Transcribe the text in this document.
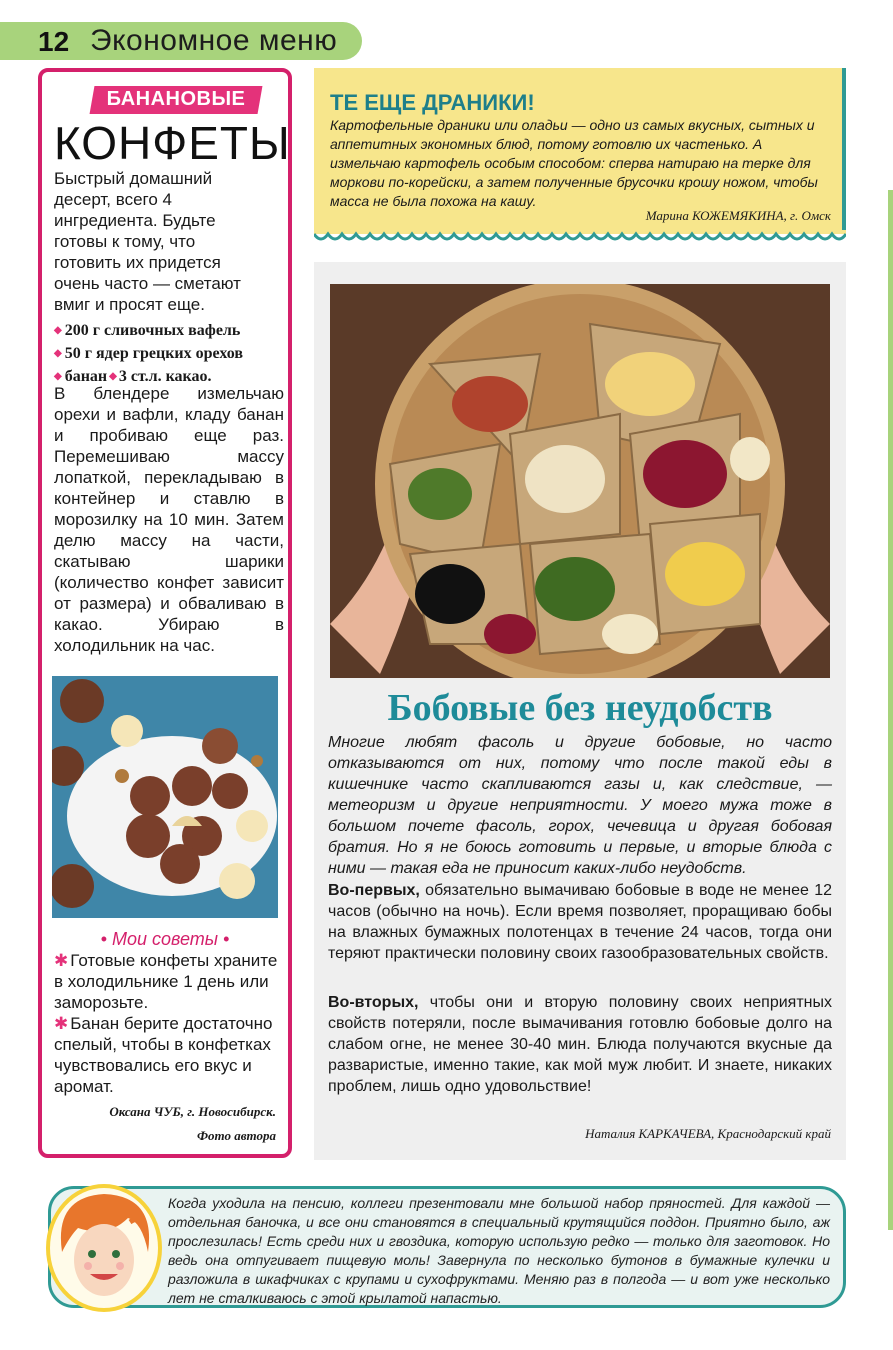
12 Экономное меню
БАНАНОВЫЕ
КОНФЕТЫ
Быстрый домашний десерт, всего 4 ингредиента. Будьте готовы к тому, что готовить их придется очень часто — сметают вмиг и просят еще.
◆ 200 г сливочных вафель
◆ 50 г ядер грецких орехов
◆ банан ◆ 3 ст.л. какао.
В блендере измельчаю орехи и вафли, кладу банан и пробиваю еще раз. Перемешиваю массу лопаткой, перекладываю в контейнер и ставлю в морозилку на 10 мин. Затем делю массу на части, скатываю шарики (количество конфет зависит от размера) и обваливаю в какао. Убираю в холодильник на час.
• Мои советы •
✱ Готовые конфеты храните в холодильнике 1 день или заморозьте.
✱ Банан берите достаточно спелый, чтобы в конфетках чувствовались его вкус и аромат.
Оксана ЧУБ, г. Новосибирск.
Фото автора
ТЕ ЕЩЕ ДРАНИКИ!
Картофельные драники или оладьи — одно из самых вкусных, сытных и аппетитных экономных блюд, потому готовлю их частенько. А измельчаю картофель особым способом: сперва натираю на терке для моркови по-корейски, а затем полученные брусочки крошу ножом, чтобы масса не была похожа на кашу.
Марина КОЖЕМЯКИНА, г. Омск
Бобовые без неудобств
Многие любят фасоль и другие бобовые, но часто отказываются от них, потому что после такой еды в кишечнике часто скапливаются газы и, как следствие, — метеоризм и другие неприятности. У моего мужа тоже в большом почете фасоль, горох, чечевица и другая бобовая братия. Но я не боюсь готовить и первые, и вторые блюда с ними — такая еда не приносит каких-либо неудобств.
Во-первых, обязательно вымачиваю бобовые в воде не менее 12 часов (обычно на ночь). Если время позволяет, проращиваю бобы на влажных бумажных полотенцах в течение 24 часов, тогда они теряют практически половину своих газообразовательных свойств.
Во-вторых, чтобы они и вторую половину своих неприятных свойств потеряли, после вымачивания готовлю бобовые долго на слабом огне, не менее 30-40 мин. Блюда получаются вкусные да разваристые, именно такие, как мой муж любит. И знаете, никаких проблем, лишь одно удовольствие!
Наталия КАРКАЧЕВА, Краснодарский край
Когда уходила на пенсию, коллеги презентовали мне большой набор пряностей. Для каждой — отдельная баночка, и все они становятся в специальный крутящийся поддон. Приятно было, аж прослезилась! Есть среди них и гвоздика, которую использую редко — только для заготовок. Но ведь она отпугивает пищевую моль! Завернула по несколько бутонов в бумажные кулечки и разложила в шкафчиках с крупами и сухофруктами. Меняю раз в полгода — и вот уже несколько лет не сталкиваюсь с этой крылатой напастью.
